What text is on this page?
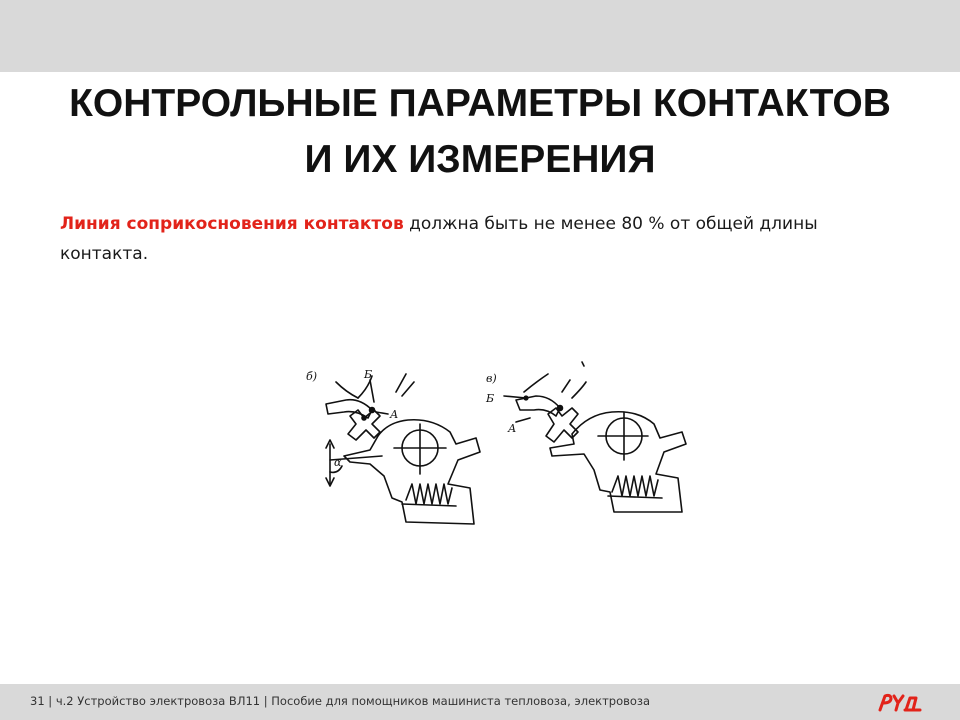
КОНТРОЛЬНЫЕ ПАРАМЕТРЫ КОНТАКТОВ
И ИХ ИЗМЕРЕНИЯ
Линия соприкосновения контактов должна быть не менее 80 % от общей длины контакта.
б)	Б
А
α
в)
Б
А
31 | ч.2 Устройство электровоза ВЛ11 | Пособие для помощников машиниста тепловоза, электровоза
